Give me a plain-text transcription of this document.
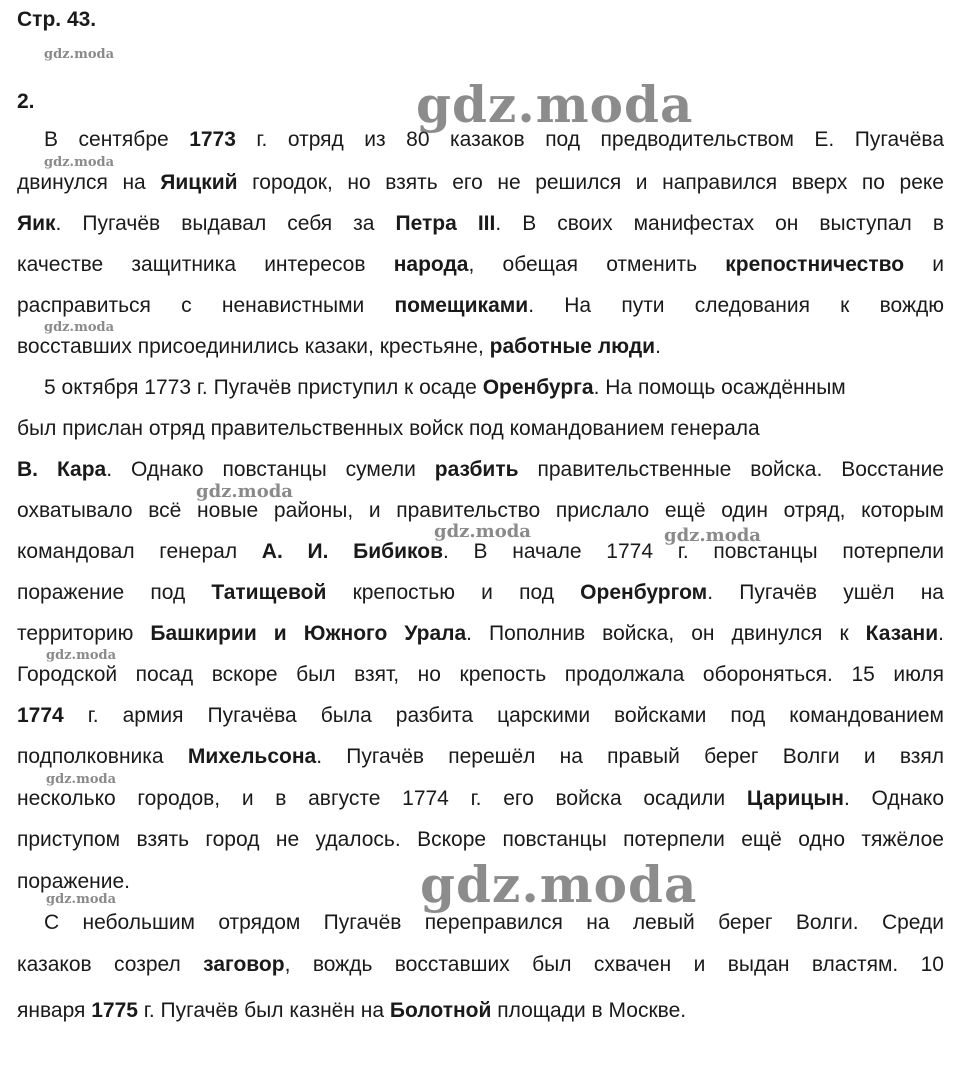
Стр. 43.

2.

В сентябре 1773 г. отряд из 80 казаков под предводительством Е. Пугачёва

двинулся на Яицкий городок, но взять его не решился и направился вверх по реке

Яик. Пугачёв выдавал себя за Петра III. В своих манифестах он выступал в

качестве защитника интересов народа, обещая отменить крепостничество и

расправиться с ненавистными помещиками. На пути следования к вождю

восставших присоединились казаки, крестьяне, работные люди.

5 октября 1773 г. Пугачёв приступил к осаде Оренбурга. На помощь осаждённым

был прислан отряд правительственных войск под командованием генерала

В. Кара. Однако повстанцы сумели разбить правительственные войска. Восстание

охватывало всё новые районы, и правительство прислало ещё один отряд, которым

командовал генерал А. И. Бибиков. В начале 1774 г. повстанцы потерпели

поражение под Татищевой крепостью и под Оренбургом. Пугачёв ушёл на

территорию Башкирии и Южного Урала. Пополнив войска, он двинулся к Казани.

Городской посад вскоре был взят, но крепость продолжала обороняться. 15 июля

1774 г. армия Пугачёва была разбита царскими войсками под командованием

подполковника Михельсона. Пугачёв перешёл на правый берег Волги и взял

несколько городов, и в августе 1774 г. его войска осадили Царицын. Однако

приступом взять город не удалось. Вскоре повстанцы потерпели ещё одно тяжёлое

поражение.

С небольшим отрядом Пугачёв переправился на левый берег Волги. Среди

казаков созрел заговор, вождь восставших был схвачен и выдан властям. 10

января 1775 г. Пугачёв был казнён на Болотной площади в Москве.

gdz.moda
gdz.moda
gdz.moda
gdz.moda
gdz.moda
gdz.moda
gdz.moda
gdz.moda	gdz.moda
gdz.moda
gdz.moda
